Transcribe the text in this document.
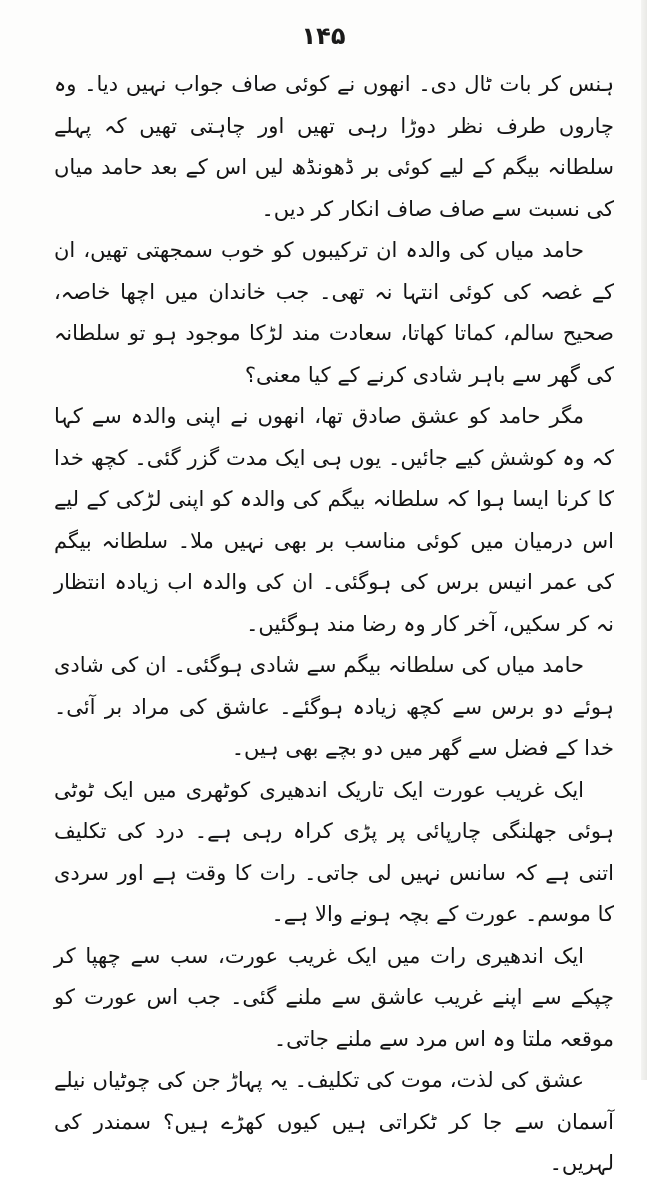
۱۴۵

ہنس کر بات ٹال دی۔ انھوں نے کوئی صاف جواب نہیں دیا۔ وہ چاروں طرف نظر دوڑا رہی تھیں اور چاہتی تھیں کہ پہلے سلطانہ بیگم کے لیے کوئی بر ڈھونڈھ لیں اس کے بعد حامد میاں کی نسبت سے صاف صاف انکار کر دیں۔

حامد میاں کی والدہ ان ترکیبوں کو خوب سمجھتی تھیں، ان کے غصہ کی کوئی انتہا نہ تھی۔ جب خاندان میں اچھا خاصہ، صحیح سالم، کماتا کھاتا، سعادت مند لڑکا موجود ہو تو سلطانہ کی گھر سے باہر شادی کرنے کے کیا معنی؟

مگر حامد کو عشق صادق تھا، انھوں نے اپنی والدہ سے کہا کہ وہ کوشش کیے جائیں۔ یوں ہی ایک مدت گزر گئی۔ کچھ خدا کا کرنا ایسا ہوا کہ سلطانہ بیگم کی والدہ کو اپنی لڑکی کے لیے اس درمیان میں کوئی مناسب بر بھی نہیں ملا۔ سلطانہ بیگم کی عمر انیس برس کی ہوگئی۔ ان کی والدہ اب زیادہ انتظار نہ کر سکیں، آخر کار وہ رضا مند ہوگئیں۔

حامد میاں کی سلطانہ بیگم سے شادی ہوگئی۔ ان کی شادی ہوئے دو برس سے کچھ زیادہ ہوگئے۔ عاشق کی مراد بر آئی۔ خدا کے فضل سے گھر میں دو بچے بھی ہیں۔

ایک غریب عورت ایک تاریک اندھیری کوٹھری میں ایک ٹوٹی ہوئی جھلنگی چارپائی پر پڑی کراہ رہی ہے۔ درد کی تکلیف اتنی ہے کہ سانس نہیں لی جاتی۔ رات کا وقت ہے اور سردی کا موسم۔ عورت کے بچہ ہونے والا ہے۔

ایک اندھیری رات میں ایک غریب عورت، سب سے چھپا کر چپکے سے اپنے غریب عاشق سے ملنے گئی۔ جب اس عورت کو موقعہ ملتا وہ اس مرد سے ملنے جاتی۔

عشق کی لذت، موت کی تکلیف۔ یہ پہاڑ جن کی چوٹیاں نیلے آسمان سے جا کر ٹکراتی ہیں کیوں کھڑے ہیں؟ سمندر کی لہریں۔
